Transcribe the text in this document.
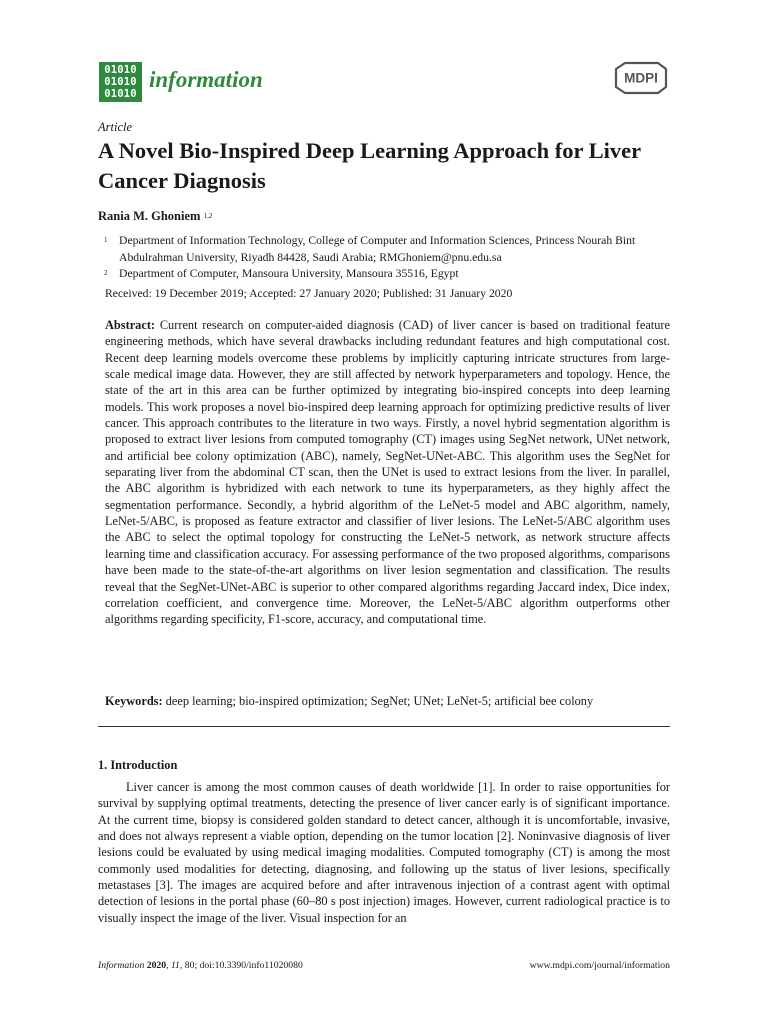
01010
01010
01010
information	MDPI
Article
A Novel Bio-Inspired Deep Learning Approach for Liver Cancer Diagnosis
Rania M. Ghoniem $^{1,2}$
1 Department of Information Technology, College of Computer and Information Sciences, Princess Nourah Bint Abdulrahman University, Riyadh 84428, Saudi Arabia; RMGhoniem@pnu.edu.sa
2 Department of Computer, Mansoura University, Mansoura 35516, Egypt
Received: 19 December 2019; Accepted: 27 January 2020; Published: 31 January 2020

Abstract: Current research on computer-aided diagnosis (CAD) of liver cancer is based on traditional feature engineering methods, which have several drawbacks including redundant features and high computational cost. Recent deep learning models overcome these problems by implicitly capturing intricate structures from large-scale medical image data. However, they are still affected by network hyperparameters and topology. Hence, the state of the art in this area can be further optimized by integrating bio-inspired concepts into deep learning models. This work proposes a novel bio-inspired deep learning approach for optimizing predictive results of liver cancer. This approach contributes to the literature in two ways. Firstly, a novel hybrid segmentation algorithm is proposed to extract liver lesions from computed tomography (CT) images using SegNet network, UNet network, and artificial bee colony optimization (ABC), namely, SegNet-UNet-ABC. This algorithm uses the SegNet for separating liver from the abdominal CT scan, then the UNet is used to extract lesions from the liver. In parallel, the ABC algorithm is hybridized with each network to tune its hyperparameters, as they highly affect the segmentation performance. Secondly, a hybrid algorithm of the LeNet-5 model and ABC algorithm, namely, LeNet-5/ABC, is proposed as feature extractor and classifier of liver lesions. The LeNet-5/ABC algorithm uses the ABC to select the optimal topology for constructing the LeNet-5 network, as network structure affects learning time and classification accuracy. For assessing performance of the two proposed algorithms, comparisons have been made to the state-of-the-art algorithms on liver lesion segmentation and classification. The results reveal that the SegNet-UNet-ABC is superior to other compared algorithms regarding Jaccard index, Dice index, correlation coefficient, and convergence time. Moreover, the LeNet-5/ABC algorithm outperforms other algorithms regarding specificity, F1-score, accuracy, and computational time.

Keywords: deep learning; bio-inspired optimization; SegNet; UNet; LeNet-5; artificial bee colony
1. Introduction

Liver cancer is among the most common causes of death worldwide [1]. In order to raise opportunities for survival by supplying optimal treatments, detecting the presence of liver cancer early is of significant importance. At the current time, biopsy is considered golden standard to detect cancer, although it is uncomfortable, invasive, and does not always represent a viable option, depending on the tumor location [2]. Noninvasive diagnosis of liver lesions could be evaluated by using medical imaging modalities. Computed tomography (CT) is among the most commonly used modalities for detecting, diagnosing, and following up the status of liver lesions, specifically metastases [3]. The images are acquired before and after intravenous injection of a contrast agent with optimal detection of lesions in the portal phase (60–80 s post injection) images. However, current radiological practice is to visually inspect the image of the liver. Visual inspection for an

Information 2020, 11, 80; doi:10.3390/info11020080	www.mdpi.com/journal/information
